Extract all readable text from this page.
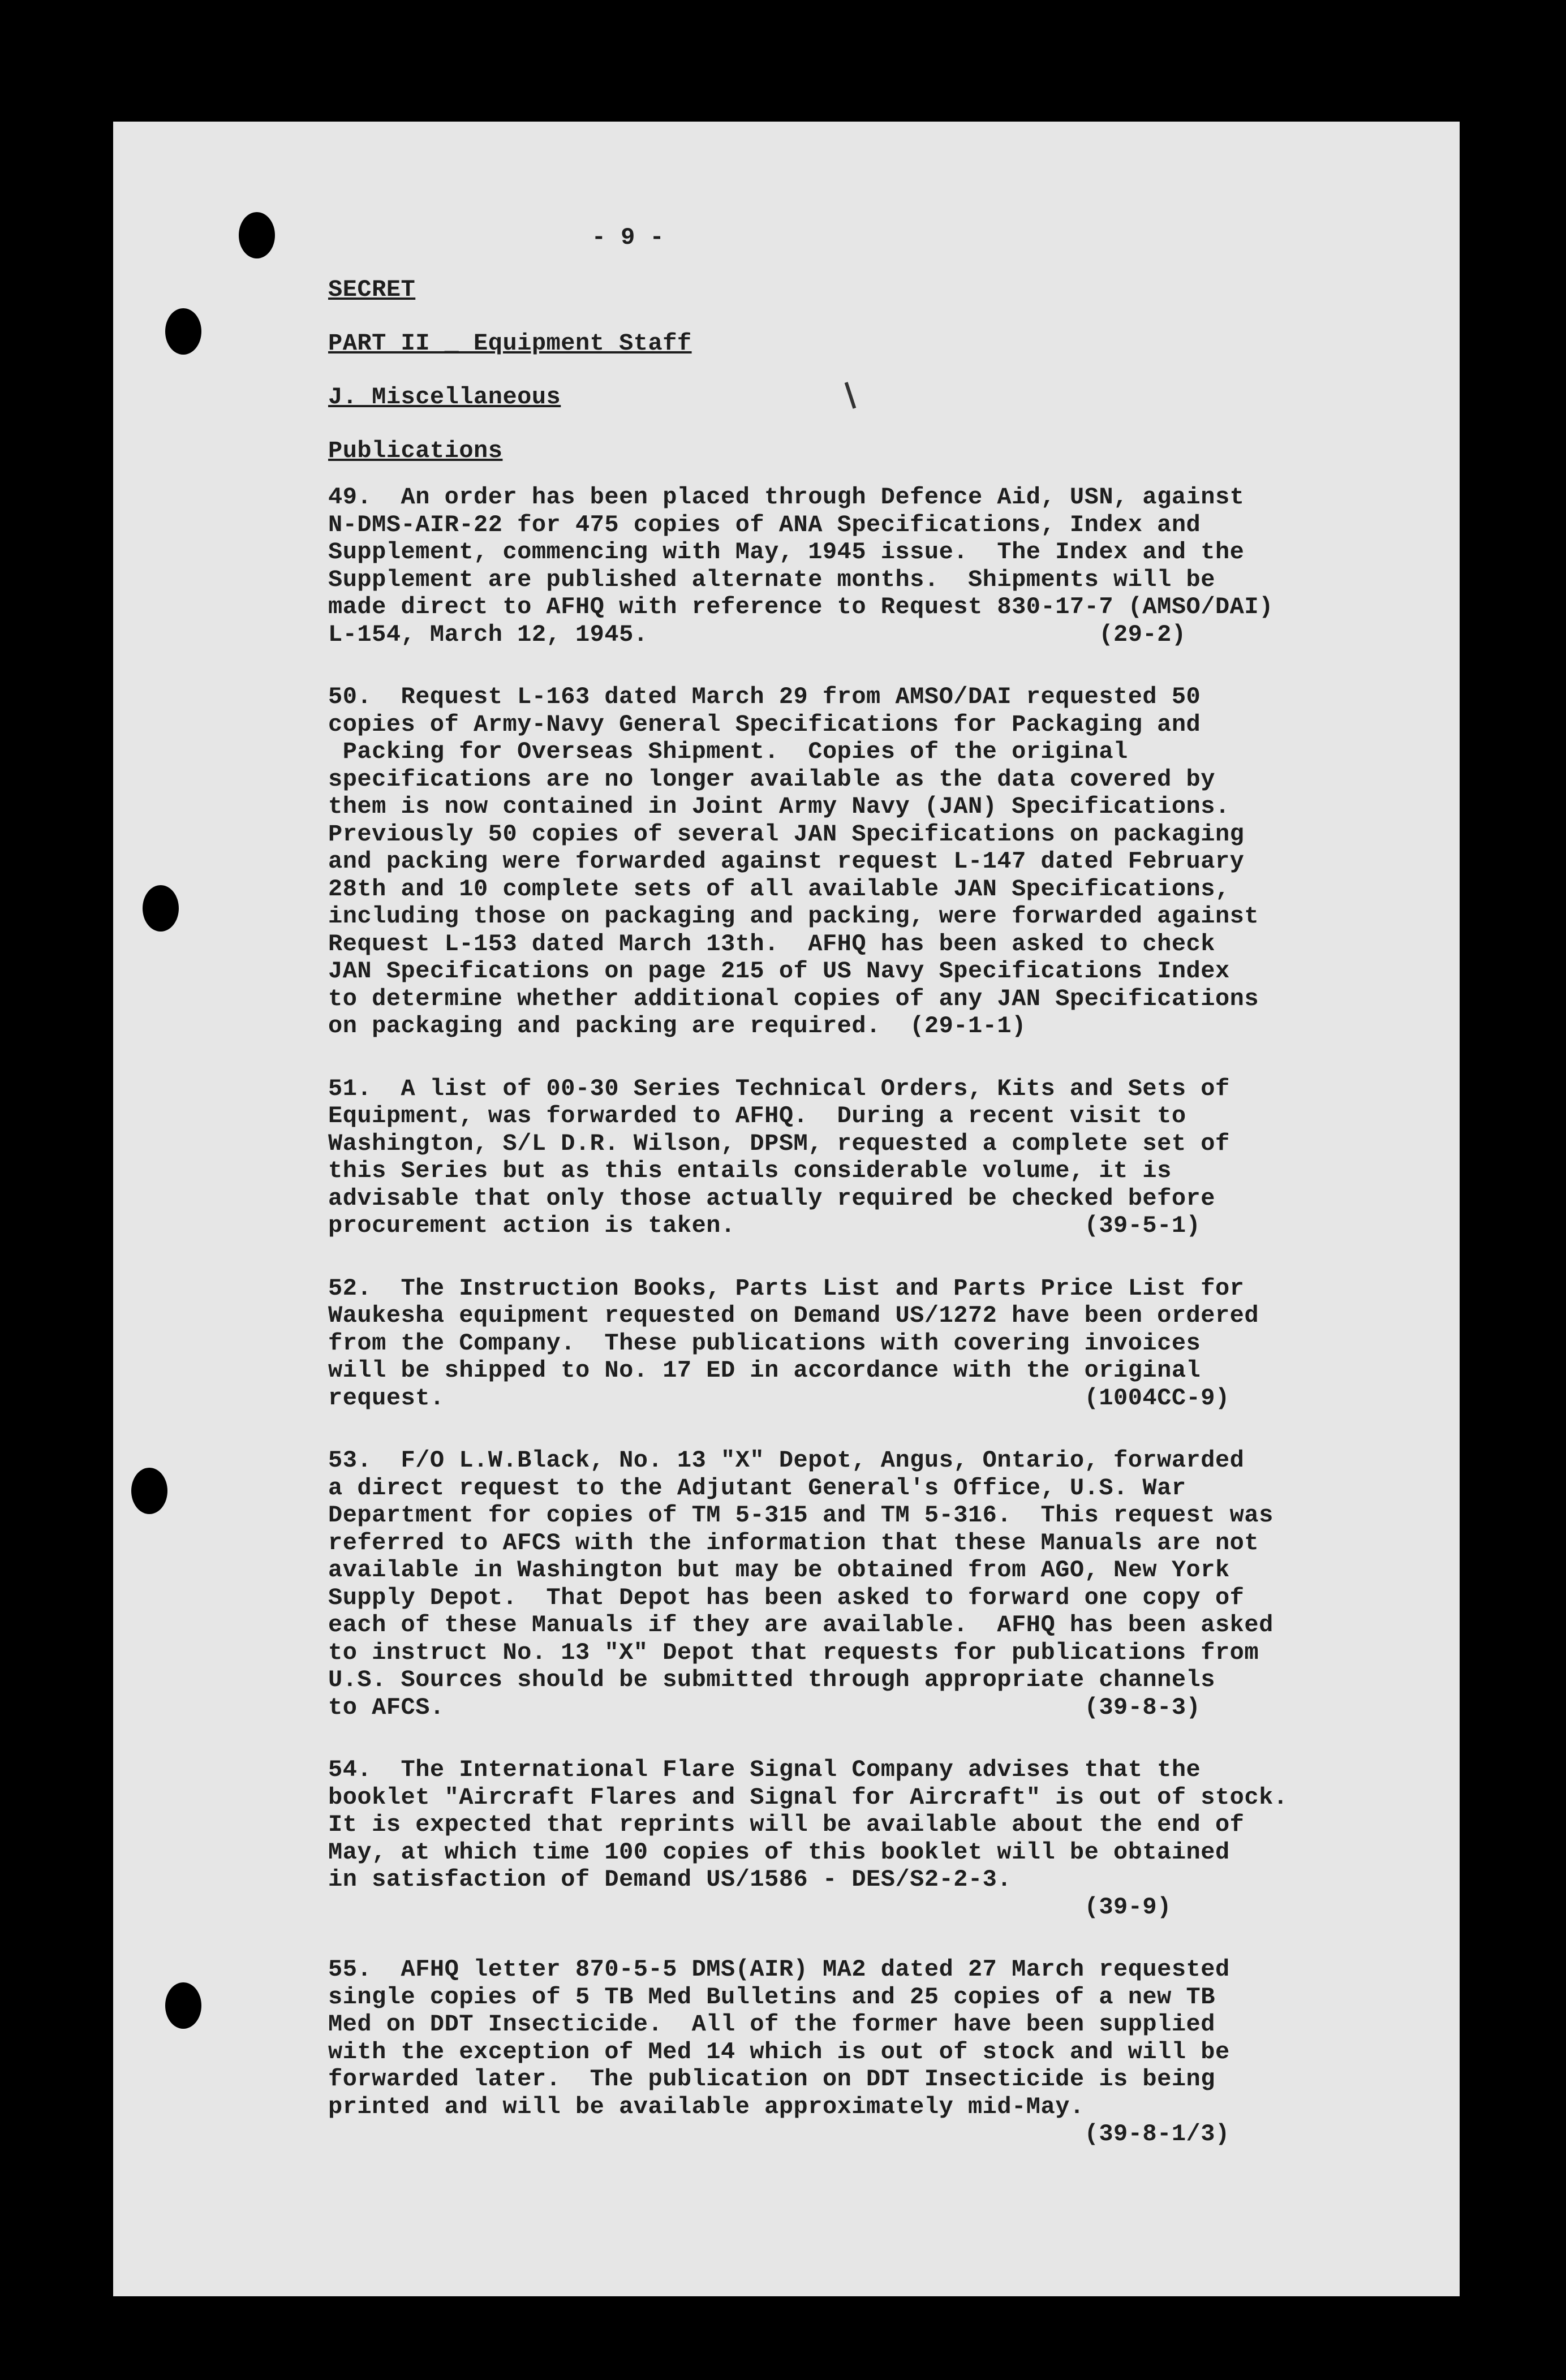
- 9 -

SECRET

PART II _ Equipment Staff

J. Miscellaneous

Publications

49.  An order has been placed through Defence Aid, USN, against
N-DMS-AIR-22 for 475 copies of ANA Specifications, Index and
Supplement, commencing with May, 1945 issue.  The Index and the
Supplement are published alternate months.  Shipments will be
made direct to AFHQ with reference to Request 830-17-7 (AMSO/DAI)
L-154, March 12, 1945.                               (29-2)
50.  Request L-163 dated March 29 from AMSO/DAI requested 50
copies of Army-Navy General Specifications for Packaging and
Packing for Overseas Shipment.  Copies of the original
specifications are no longer available as the data covered by
them is now contained in Joint Army Navy (JAN) Specifications.
Previously 50 copies of several JAN Specifications on packaging
and packing were forwarded against request L-147 dated February
28th and 10 complete sets of all available JAN Specifications,
including those on packaging and packing, were forwarded against
Request L-153 dated March 13th.  AFHQ has been asked to check
JAN Specifications on page 215 of US Navy Specifications Index
to determine whether additional copies of any JAN Specifications
on packaging and packing are required.  (29-1-1)
51.  A list of 00-30 Series Technical Orders, Kits and Sets of
Equipment, was forwarded to AFHQ.  During a recent visit to
Washington, S/L D.R. Wilson, DPSM, requested a complete set of
this Series but as this entails considerable volume, it is
advisable that only those actually required be checked before
procurement action is taken.                        (39-5-1)
52.  The Instruction Books, Parts List and Parts Price List for
Waukesha equipment requested on Demand US/1272 have been ordered
from the Company.  These publications with covering invoices
will be shipped to No. 17 ED in accordance with the original
request.                                            (1004CC-9)
53.  F/O L.W.Black, No. 13 "X" Depot, Angus, Ontario, forwarded
a direct request to the Adjutant General's Office, U.S. War
Department for copies of TM 5-315 and TM 5-316.  This request was
referred to AFCS with the information that these Manuals are not
available in Washington but may be obtained from AGO, New York
Supply Depot.  That Depot has been asked to forward one copy of
each of these Manuals if they are available.  AFHQ has been asked
to instruct No. 13 "X" Depot that requests for publications from
U.S. Sources should be submitted through appropriate channels
to AFCS.                                            (39-8-3)
54.  The International Flare Signal Company advises that the
booklet "Aircraft Flares and Signal for Aircraft" is out of stock.
It is expected that reprints will be available about the end of
May, at which time 100 copies of this booklet will be obtained
in satisfaction of Demand US/1586 - DES/S2-2-3.
(39-9)
55.  AFHQ letter 870-5-5 DMS(AIR) MA2 dated 27 March requested
single copies of 5 TB Med Bulletins and 25 copies of a new TB
Med on DDT Insecticide.  All of the former have been supplied
with the exception of Med 14 which is out of stock and will be
forwarded later.  The publication on DDT Insecticide is being
printed and will be available approximately mid-May.
(39-8-1/3)
